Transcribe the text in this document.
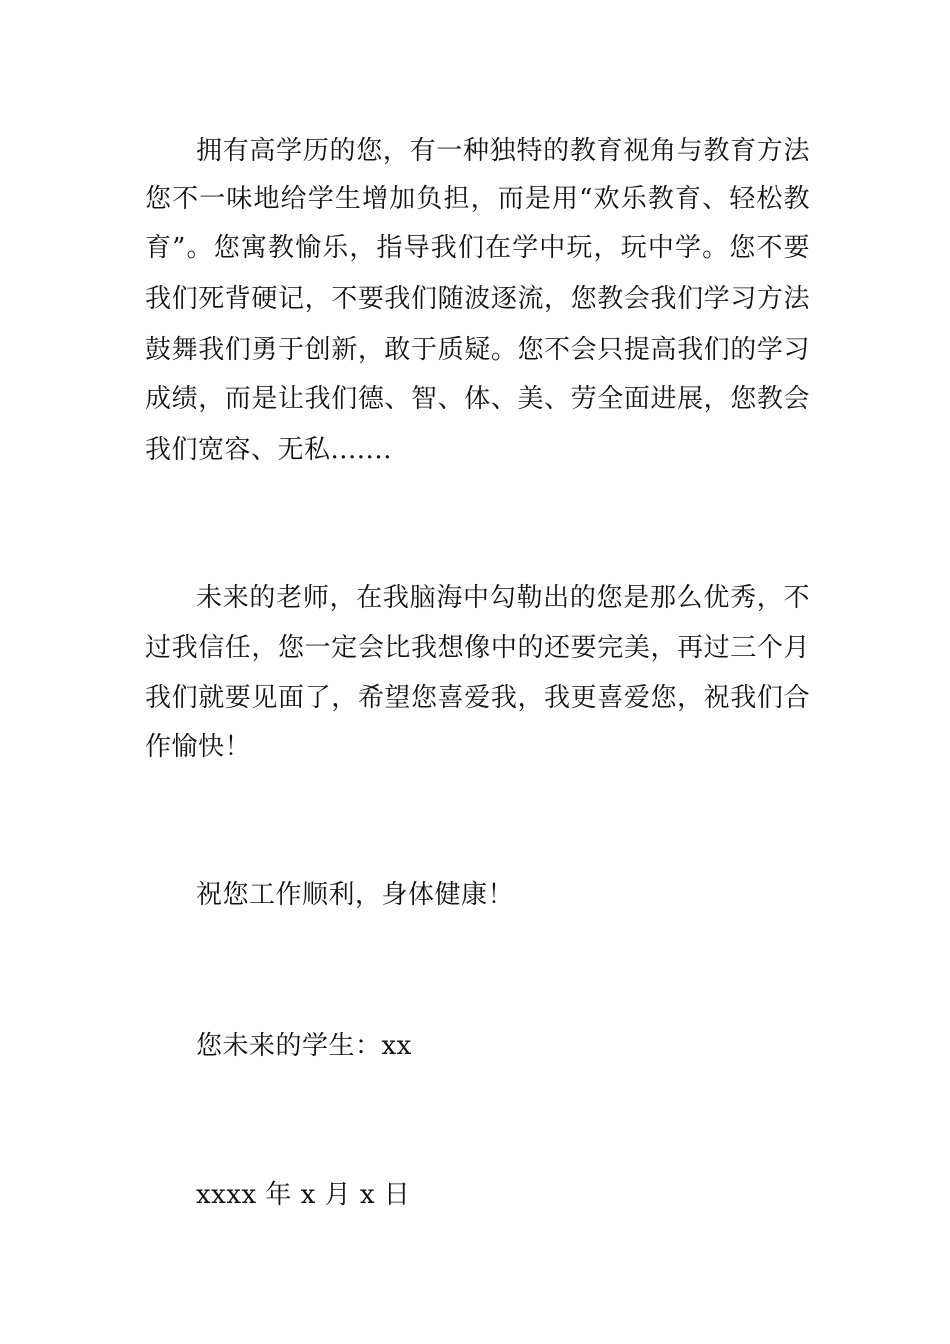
拥有高学历的您，有一种独特的教育视角与教育方法
您不一味地给学生增加负担，而是用“欢乐教育、轻松教
育”。您寓教愉乐，指导我们在学中玩，玩中学。您不要
我们死背硬记，不要我们随波逐流，您教会我们学习方法
鼓舞我们勇于创新，敢于质疑。您不会只提高我们的学习
成绩，而是让我们德、智、体、美、劳全面进展，您教会
我们宽容、无私.......
未来的老师，在我脑海中勾勒出的您是那么优秀，不
过我信任，您一定会比我想像中的还要完美，再过三个月
我们就要见面了，希望您喜爱我，我更喜爱您，祝我们合
作愉快！
祝您工作顺利，身体健康！
您未来的学生：xx
xxxx 年 x 月 x 日
